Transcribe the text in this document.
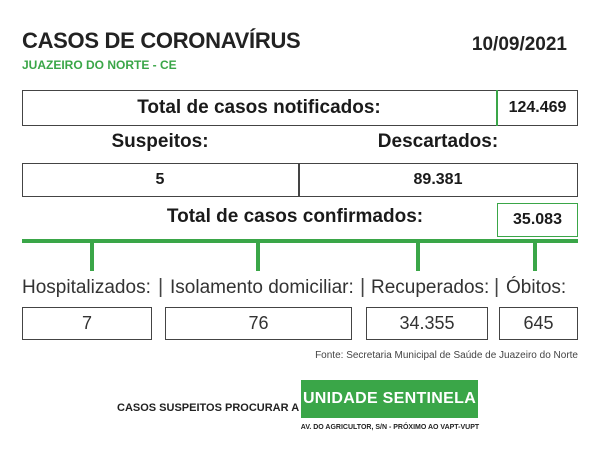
CASOS DE CORONAVÍRUS
JUAZEIRO DO NORTE - CE
10/09/2021
Total de casos notificados:	124.469
Suspeitos:	Descartados:
5	89.381
Total de casos confirmados:	35.083
Hospitalizados: | Isolamento domiciliar: | Recuperados: | Óbitos:
7	76	34.355	645
Fonte: Secretaria Municipal de Saúde de Juazeiro do Norte
CASOS SUSPEITOS PROCURAR A
UNIDADE SENTINELA
AV. DO AGRICULTOR, S/N - PRÓXIMO AO VAPT-VUPT
